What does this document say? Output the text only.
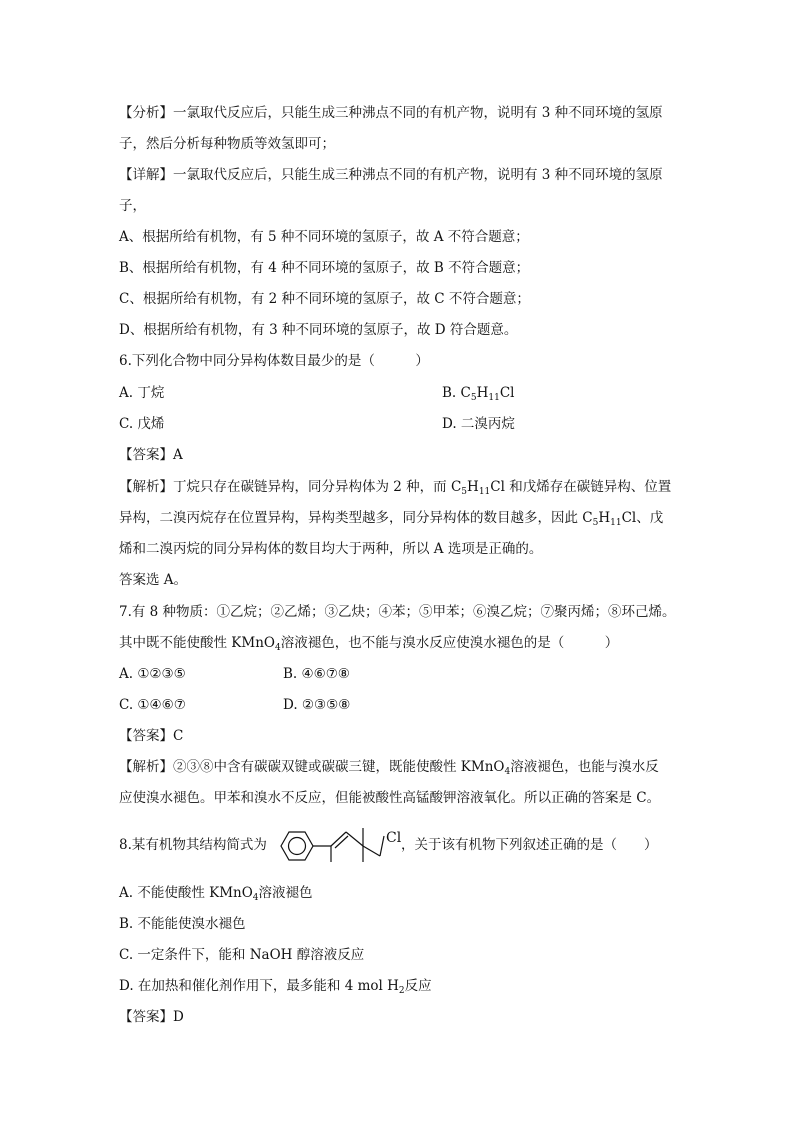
【分析】一氯取代反应后，只能生成三种沸点不同的有机产物，说明有 3 种不同环境的氢原
子，然后分析每种物质等效氢即可；
【详解】一氯取代反应后，只能生成三种沸点不同的有机产物，说明有 3 种不同环境的氢原
子，
A、根据所给有机物，有 5 种不同环境的氢原子，故 A 不符合题意；
B、根据所给有机物，有 4 种不同环境的氢原子，故 B 不符合题意；
C、根据所给有机物，有 2 种不同环境的氢原子，故 C 不符合题意；
D、根据所给有机物，有 3 种不同环境的氢原子，故 D 符合题意。
6.下列化合物中同分异构体数目最少的是（　　　）
A. 丁烷	B. $C_5H_{11}Cl$
C. 戊烯	D. 二溴丙烷
【答案】A
【解析】丁烷只存在碳链异构，同分异构体为 2 种，而 $C_5H_{11}Cl$ 和戊烯存在碳链异构、位置
异构，二溴丙烷存在位置异构，异构类型越多，同分异构体的数目越多，因此 $C_5H_{11}Cl$、戊
烯和二溴丙烷的同分异构体的数目均大于两种，所以 A 选项是正确的。
答案选 A。
7.有 8 种物质：①乙烷；②乙烯；③乙炔；④苯；⑤甲苯；⑥溴乙烷；⑦聚丙烯；⑧环己烯。
其中既不能使酸性 KMnO$_4$溶液褪色，也不能与溴水反应使溴水褪色的是（　　　）
A. ①②③⑤	B. ④⑥⑦⑧
C. ①④⑥⑦	D. ②③⑤⑧
【答案】C
【解析】②③⑧中含有碳碳双键或碳碳三键，既能使酸性 KMnO$_4$溶液褪色，也能与溴水反
应使溴水褪色。甲苯和溴水不反应，但能被酸性高锰酸钾溶液氧化。所以正确的答案是 C。
8.某有机物其结构简式为	Cl ，关于该有机物下列叙述正确的是（　　）
A. 不能使酸性 KMnO$_4$溶液褪色
B. 不能能使溴水褪色
C. 一定条件下，能和 NaOH 醇溶液反应
D. 在加热和催化剂作用下，最多能和 4 mol $H_2$反应
【答案】D
